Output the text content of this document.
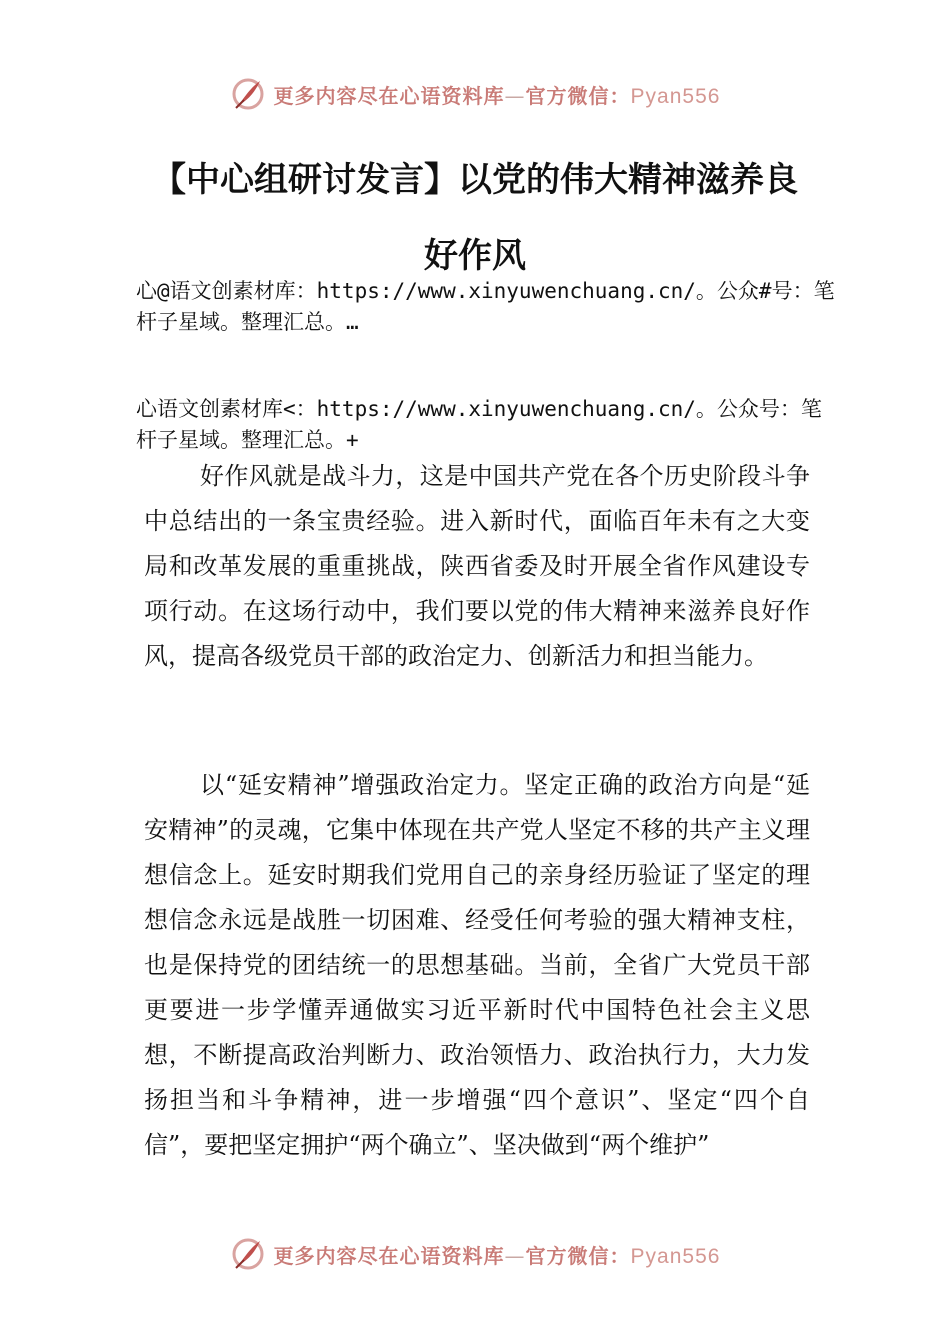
更多内容尽在心语资料库—官方微信：Pyan556
【中心组研讨发言】以党的伟大精神滋养良
好作风

心@语文创素材库：https://www.xinyuwenchuang.cn/。公众#号：笔杆子星域。整理汇总。…

心语文创素材库<：https://www.xinyuwenchuang.cn/。公众号：笔杆子星域。整理汇总。+

好作风就是战斗力，这是中国共产党在各个历史阶段斗争中总结出的一条宝贵经验。进入新时代，面临百年未有之大变局和改革发展的重重挑战，陕西省委及时开展全省作风建设专项行动。在这场行动中，我们要以党的伟大精神来滋养良好作风，提高各级党员干部的政治定力、创新活力和担当能力。

以“延安精神”增强政治定力。坚定正确的政治方向是“延安精神”的灵魂，它集中体现在共产党人坚定不移的共产主义理想信念上。延安时期我们党用自己的亲身经历验证了坚定的理想信念永远是战胜一切困难、经受任何考验的强大精神支柱，也是保持党的团结统一的思想基础。当前，全省广大党员干部更要进一步学懂弄通做实习近平新时代中国特色社会主义思想，不断提高政治判断力、政治领悟力、政治执行力，大力发扬担当和斗争精神，进一步增强“四个意识”、坚定“四个自信”，要把坚定拥护“两个确立”、坚决做到“两个维护”

更多内容尽在心语资料库—官方微信：Pyan556
